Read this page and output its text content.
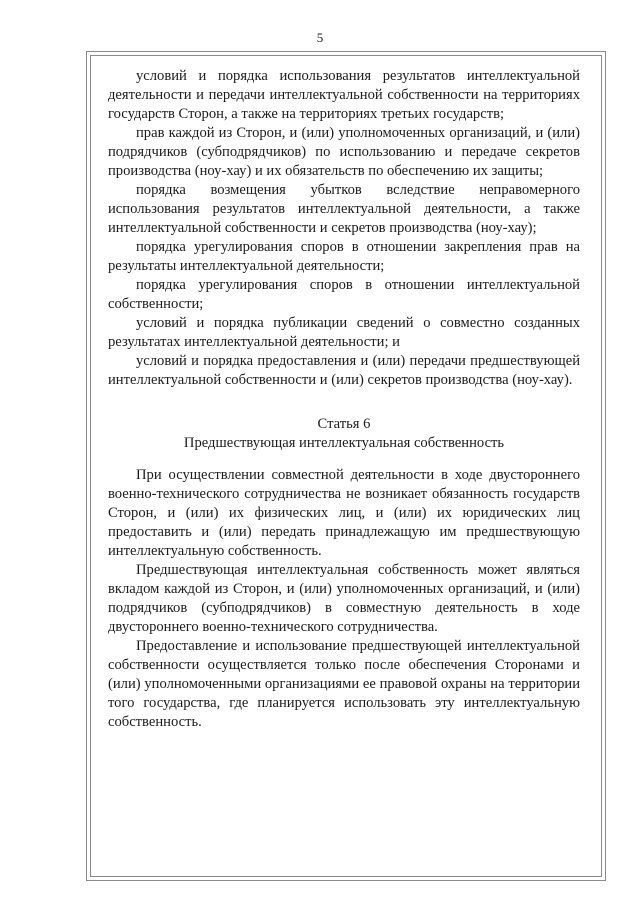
5

условий и порядка использования результатов интеллектуальной деятельности и передачи интеллектуальной собственности на территориях государств Сторон, а также на территориях третьих государств;

прав каждой из Сторон, и (или) уполномоченных организаций, и (или) подрядчиков (субподрядчиков) по использованию и передаче секретов производства (ноу-хау) и их обязательств по обеспечению их защиты;

порядка возмещения убытков вследствие неправомерного использования результатов интеллектуальной деятельности, а также интеллектуальной собственности и секретов производства (ноу-хау);

порядка урегулирования споров в отношении закрепления прав на результаты интеллектуальной деятельности;

порядка урегулирования споров в отношении интеллектуальной собственности;

условий и порядка публикации сведений о совместно созданных результатах интеллектуальной деятельности; и

условий и порядка предоставления и (или) передачи предшествующей интеллектуальной собственности и (или) секретов производства (ноу-хау).

Статья 6

Предшествующая интеллектуальная собственность

При осуществлении совместной деятельности в ходе двустороннего военно-технического сотрудничества не возникает обязанность государств Сторон, и (или) их физических лиц, и (или) их юридических лиц предоставить и (или) передать принадлежащую им предшествующую интеллектуальную собственность.

Предшествующая интеллектуальная собственность может являться вкладом каждой из Сторон, и (или) уполномоченных организаций, и (или) подрядчиков (субподрядчиков) в совместную деятельность в ходе двустороннего военно-технического сотрудничества.

Предоставление и использование предшествующей интеллектуальной собственности осуществляется только после обеспечения Сторонами и (или) уполномоченными организациями ее правовой охраны на территории того государства, где планируется использовать эту интеллектуальную собственность.
